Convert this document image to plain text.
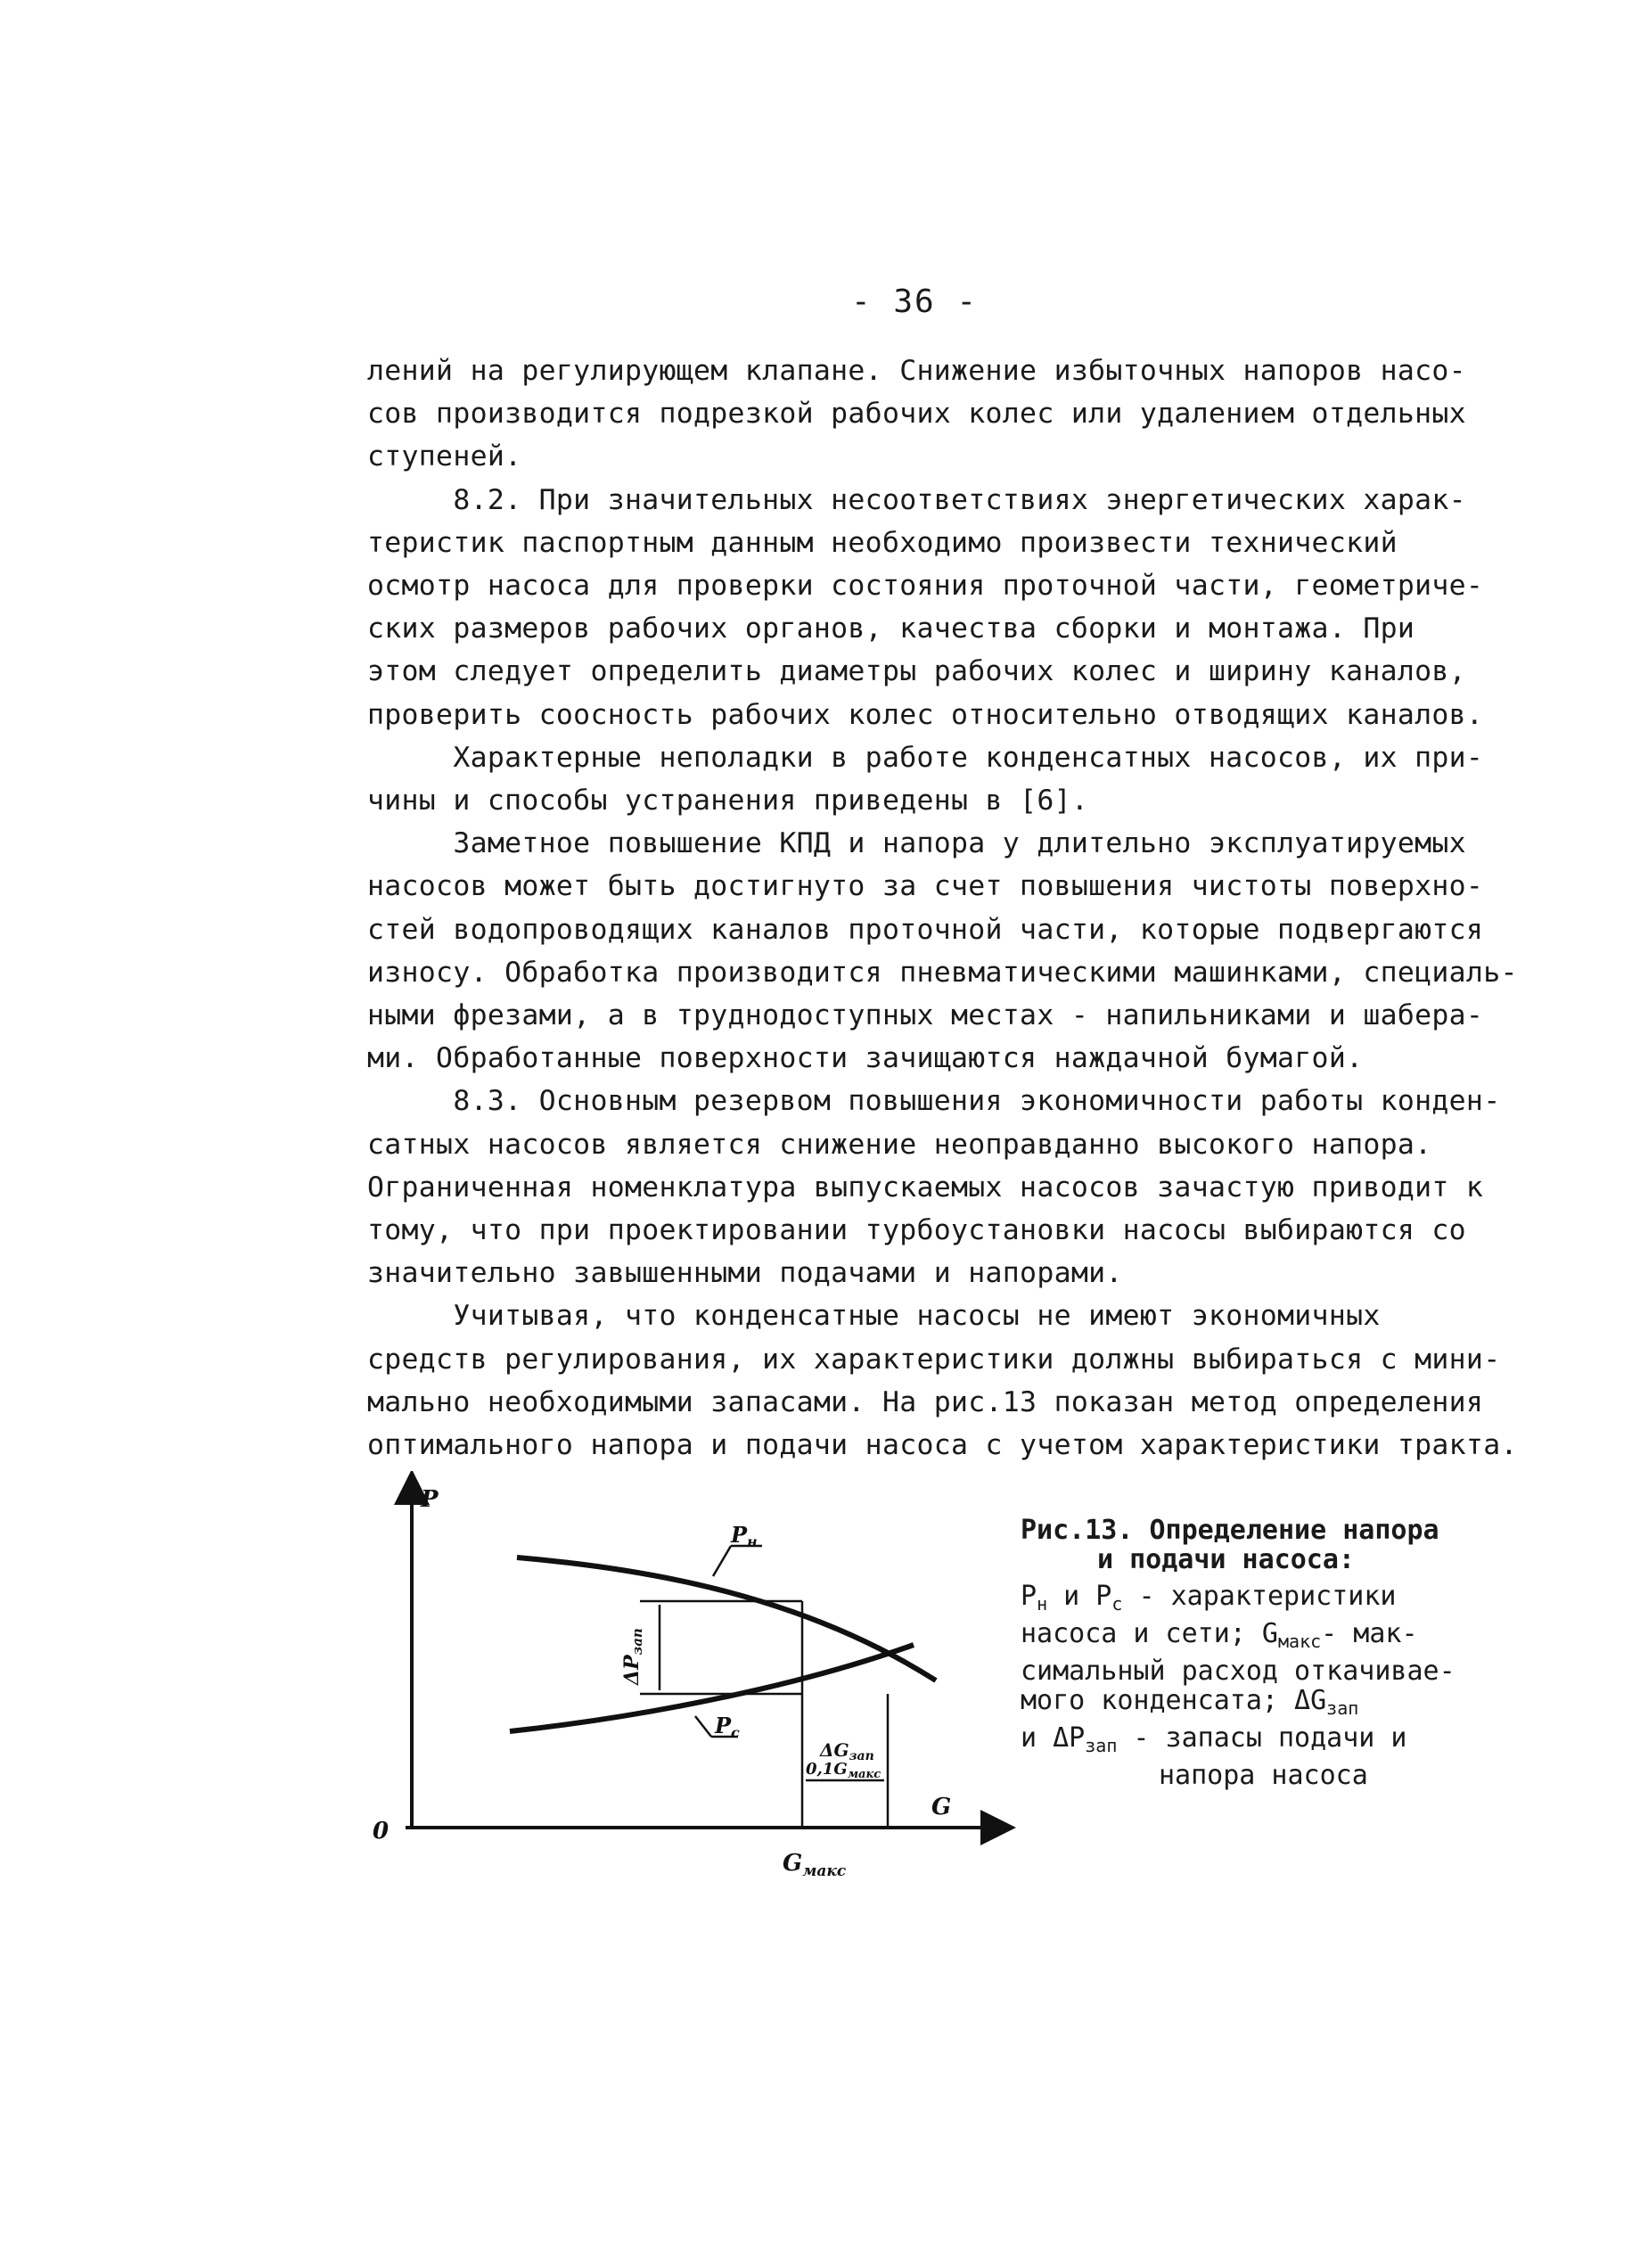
- 36 -

лений на регулирующем клапане. Снижение избыточных напоров насо-

сов производится подрезкой рабочих колес или удалением отдельных

ступеней.

8.2. При значительных несоответствиях энергетических харак-

теристик паспортным данным необходимо произвести технический

осмотр насоса для проверки состояния проточной части, геометриче-

ских размеров рабочих органов, качества сборки и монтажа. При

этом следует определить диаметры рабочих колес и ширину каналов,

проверить соосность рабочих колес относительно отводящих каналов.

Характерные неполадки в работе конденсатных насосов, их при-

чины и способы устранения приведены в [6].

Заметное повышение КПД и напора у длительно эксплуатируемых

насосов может быть достигнуто за счет повышения чистоты поверхно-

стей водопроводящих каналов проточной части, которые подвергаются

износу. Обработка производится пневматическими машинками, специаль-

ными фрезами, а в труднодоступных местах - напильниками и шабера-

ми. Обработанные поверхности зачищаются наждачной бумагой.

8.3. Основным резервом повышения экономичности работы конден-

сатных насосов является снижение неоправданно высокого напора.

Ограниченная номенклатура выпускаемых насосов зачастую приводит к

тому, что при проектировании турбоустановки насосы выбираются со

значительно завышенными подачами и напорами.

Учитывая, что конденсатные насосы не имеют экономичных

средств регулирования, их характеристики должны выбираться с мини-

мально необходимыми запасами. На рис.13 показан метод определения

оптимального напора и подачи насоса с учетом характеристики тракта.

P
G
0
$P_н$
$P_с$
ΔPзап
$\Delta G_{зап}$
$0,1G_{макс}$
$G_{макс}$
Рис.13. Определение напора
и подачи насоса:
$P_н$ и $P_с$ - характеристики
насоса и сети; $G_{макс}-$ мак-
симальный расход откачивае-
мого конденсата; $\Delta G_{зап}$
и $\Delta P_{зап}$ - запасы подачи и
напора насоса
